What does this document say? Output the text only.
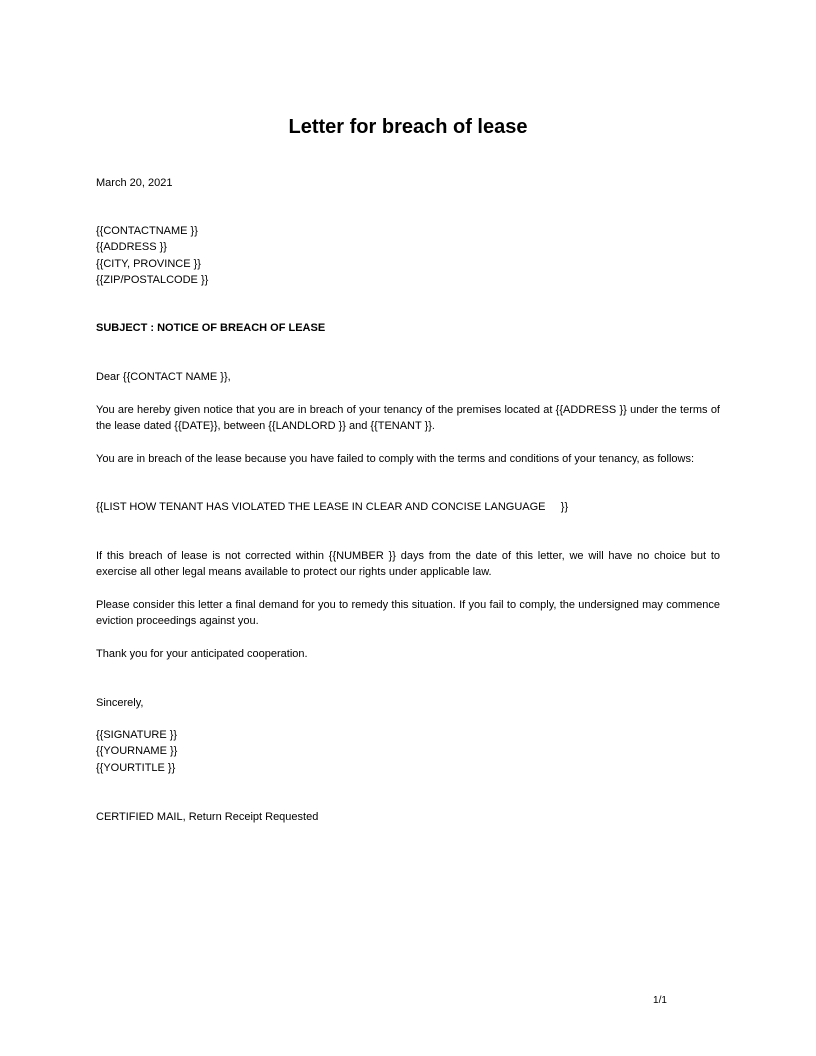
Letter for breach of lease
March 20, 2021
{{CONTACTNAME }}
{{ADDRESS }}
{{CITY, PROVINCE }}
{{ZIP/POSTALCODE }}
SUBJECT : NOTICE OF BREACH OF LEASE
Dear {{CONTACT NAME }},
You are hereby given notice that you are in breach of your tenancy of the premises located at {{ADDRESS }} under the terms of the lease dated {{DATE}}, between {{LANDLORD }} and {{TENANT }}.
You are in breach of the lease because you have failed to comply with the terms and conditions of your tenancy, as follows:
{{LIST HOW TENANT HAS VIOLATED THE LEASE IN CLEAR AND CONCISE LANGUAGE     }}
If this breach of lease is not corrected within {{NUMBER }} days from the date of this letter, we will have no choice but to exercise all other legal means available to protect our rights under applicable law.
Please consider this letter a final demand for you to remedy this situation. If you fail to comply, the undersigned may commence eviction proceedings against you.
Thank you for your anticipated cooperation.
Sincerely,
{{SIGNATURE }}
{{YOURNAME }}
{{YOURTITLE }}
CERTIFIED MAIL, Return Receipt Requested
1/1
